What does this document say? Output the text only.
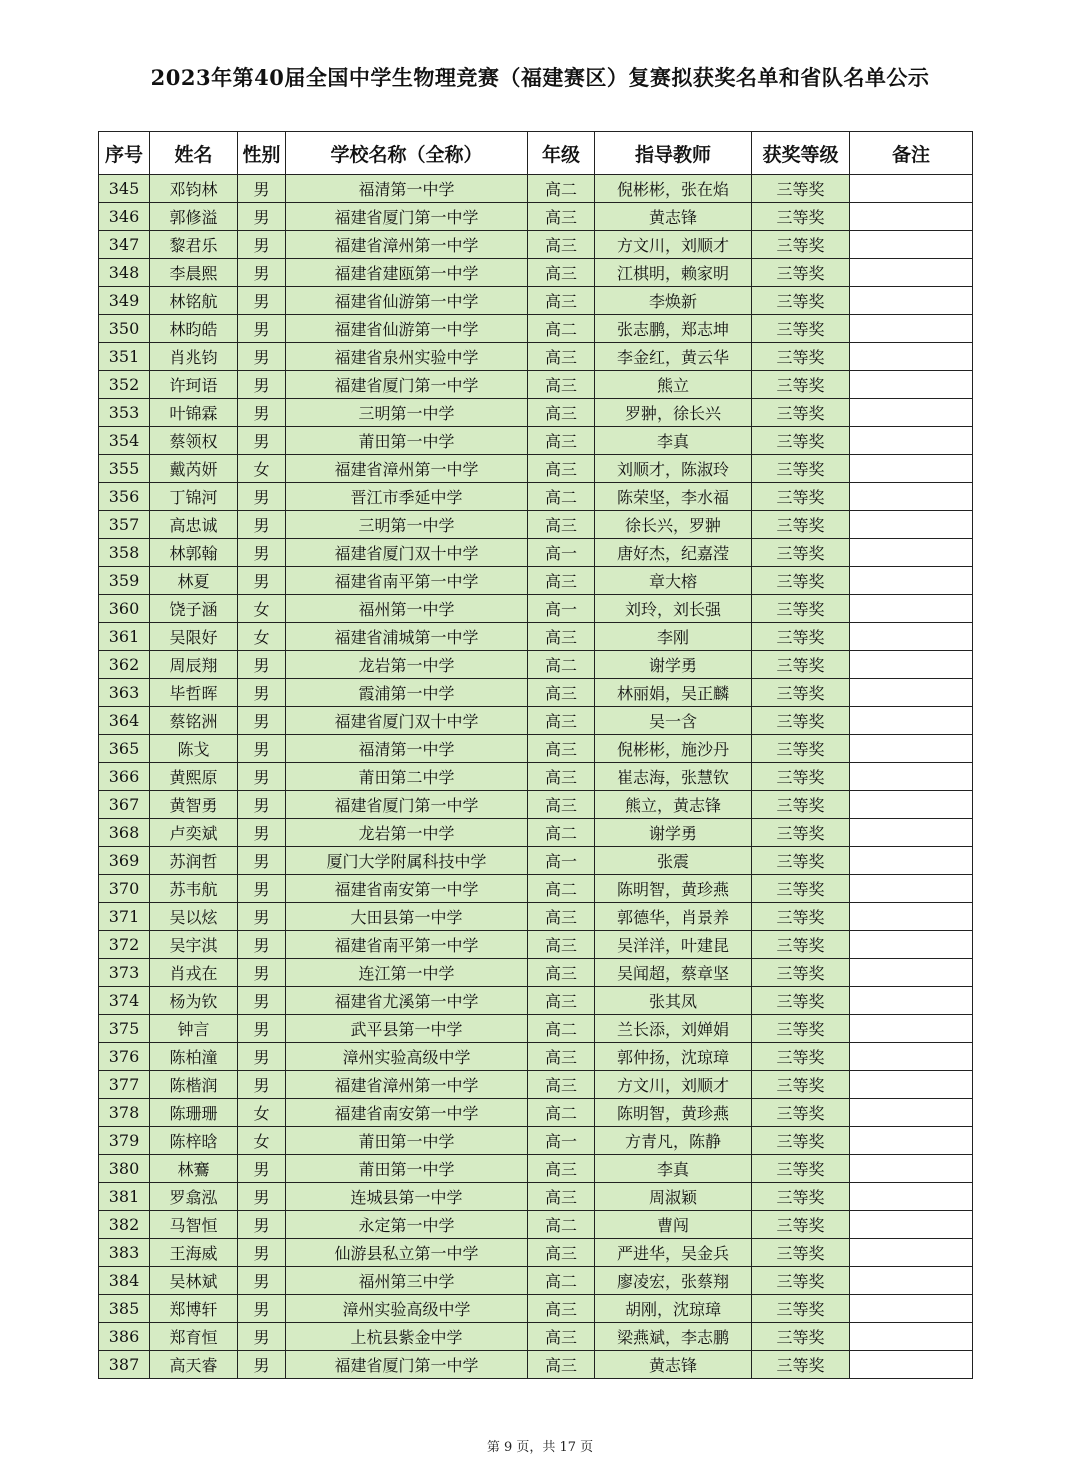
2023年第40届全国中学生物理竞赛（福建赛区）复赛拟获奖名单和省队名单公示
序号	姓名	性别	学校名称（全称）	年级	指导教师	获奖等级	备注
345	邓钧林	男	福清第一中学	高二	倪彬彬，张在焰	三等奖	
346	郭修溢	男	福建省厦门第一中学	高三	黄志锋	三等奖	
347	黎君乐	男	福建省漳州第一中学	高三	方文川，刘顺才	三等奖	
348	李晨熙	男	福建省建瓯第一中学	高三	江棋明，赖家明	三等奖	
349	林铭航	男	福建省仙游第一中学	高三	李焕新	三等奖	
350	林昀皓	男	福建省仙游第一中学	高二	张志鹏，郑志坤	三等奖	
351	肖兆钧	男	福建省泉州实验中学	高三	李金红，黄云华	三等奖	
352	许珂语	男	福建省厦门第一中学	高三	熊立	三等奖	
353	叶锦霖	男	三明第一中学	高三	罗翀，徐长兴	三等奖	
354	蔡领权	男	莆田第一中学	高三	李真	三等奖	
355	戴芮妍	女	福建省漳州第一中学	高三	刘顺才，陈淑玲	三等奖	
356	丁锦河	男	晋江市季延中学	高二	陈荣坚，李水福	三等奖	
357	高忠诚	男	三明第一中学	高三	徐长兴，罗翀	三等奖	
358	林郭翰	男	福建省厦门双十中学	高一	唐好杰，纪嘉滢	三等奖	
359	林夏	男	福建省南平第一中学	高三	章大榕	三等奖	
360	饶子涵	女	福州第一中学	高一	刘玲，刘长强	三等奖	
361	吴限好	女	福建省浦城第一中学	高三	李刚	三等奖	
362	周辰翔	男	龙岩第一中学	高二	谢学勇	三等奖	
363	毕哲晖	男	霞浦第一中学	高三	林丽娟，吴正麟	三等奖	
364	蔡铭洲	男	福建省厦门双十中学	高三	吴一含	三等奖	
365	陈戈	男	福清第一中学	高三	倪彬彬，施沙丹	三等奖	
366	黄熙原	男	莆田第二中学	高三	崔志海，张慧钦	三等奖	
367	黄智勇	男	福建省厦门第一中学	高三	熊立，黄志锋	三等奖	
368	卢奕斌	男	龙岩第一中学	高二	谢学勇	三等奖	
369	苏润哲	男	厦门大学附属科技中学	高一	张震	三等奖	
370	苏韦航	男	福建省南安第一中学	高二	陈明智，黄珍燕	三等奖	
371	吴以炫	男	大田县第一中学	高三	郭德华，肖景养	三等奖	
372	吴宇淇	男	福建省南平第一中学	高三	吴洋洋，叶建昆	三等奖	
373	肖戎在	男	连江第一中学	高三	吴闻超，蔡章坚	三等奖	
374	杨为钦	男	福建省尤溪第一中学	高三	张其凤	三等奖	
375	钟言	男	武平县第一中学	高二	兰长添，刘婵娟	三等奖	
376	陈柏潼	男	漳州实验高级中学	高三	郭仲扬，沈琼璋	三等奖	
377	陈楷润	男	福建省漳州第一中学	高三	方文川，刘顺才	三等奖	
378	陈珊珊	女	福建省南安第一中学	高二	陈明智，黄珍燕	三等奖	
379	陈梓晗	女	莆田第一中学	高一	方青凡，陈静	三等奖	
380	林鶱	男	莆田第一中学	高三	李真	三等奖	
381	罗翕泓	男	连城县第一中学	高三	周淑颖	三等奖	
382	马智恒	男	永定第一中学	高二	曹闯	三等奖	
383	王海威	男	仙游县私立第一中学	高三	严进华，吴金兵	三等奖	
384	吴林斌	男	福州第三中学	高二	廖凌宏，张蔡翔	三等奖	
385	郑博轩	男	漳州实验高级中学	高三	胡刚，沈琼璋	三等奖	
386	郑育恒	男	上杭县紫金中学	高三	梁燕斌，李志鹏	三等奖	
387	高天睿	男	福建省厦门第一中学	高三	黄志锋	三等奖	
第 9 页，共 17 页
